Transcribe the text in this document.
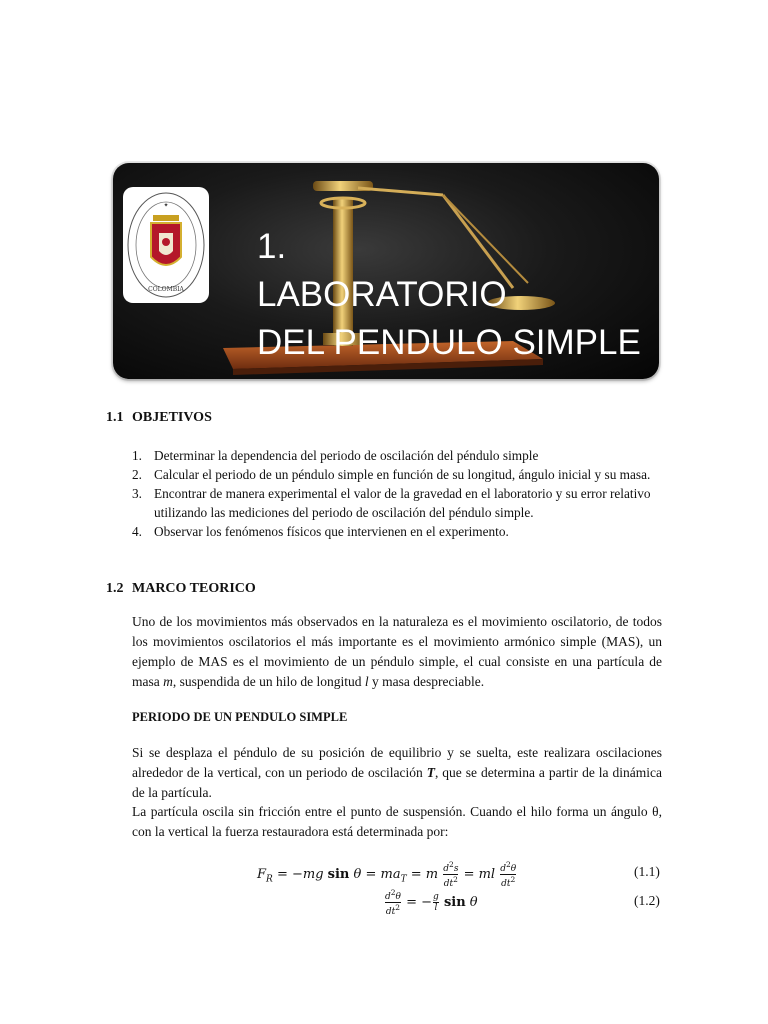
✦
COLOMBIA
1.LABORATORIO
DEL PENDULO SIMPLE
1.1 OBJETIVOS
1. Determinar la dependencia del periodo de oscilación del péndulo simple
2. Calcular el periodo de un péndulo simple en función de su longitud, ángulo inicial y su masa.
3. Encontrar de manera experimental el valor de la gravedad en el laboratorio y su error relativo utilizando las mediciones del periodo de oscilación del péndulo simple.
4. Observar los fenómenos físicos que intervienen en el experimento.
1.2 MARCO TEORICO
Uno de los movimientos más observados en la naturaleza es el movimiento oscilatorio, de todos los movimientos oscilatorios el más importante es el movimiento armónico simple (MAS), un ejemplo de MAS es el movimiento de un péndulo simple, el cual consiste en una partícula de masa m, suspendida de un hilo de longitud l y masa despreciable.
PERIODO DE UN PENDULO SIMPLE
Si se desplaza el péndulo de su posición de equilibrio y se suelta, este realizara oscilaciones alrededor de la vertical, con un periodo de oscilación T, que se determina a partir de la dinámica de la partícula.
La partícula oscila sin fricción entre el punto de suspensión. Cuando el hilo forma un ángulo θ, con la vertical la fuerza restauradora está determinada por:
$F_R = -mg$ $\sin \theta = ma_T = m \frac{d^2s}{dt^2}$ = ml $\frac{d^2\theta}{dt^2}$	(1.1)
$\frac{d^2\theta}{dt^2}$ = − $\frac{g}{l}$ sin θ	(1.2)
